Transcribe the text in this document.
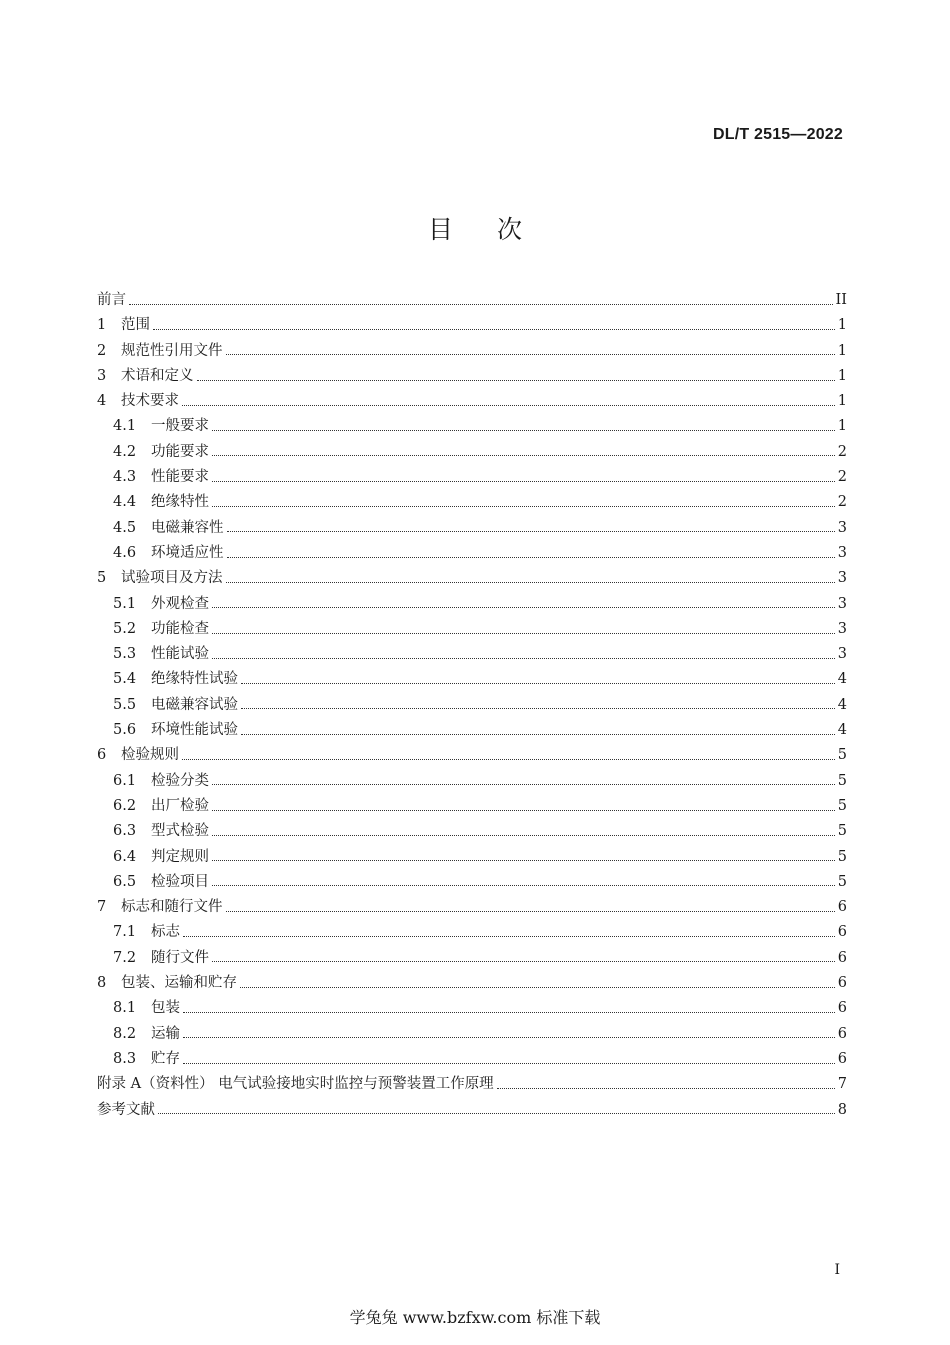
DL/T 2515—2022
目次
前言	II
1	范围	1
2	规范性引用文件	1
3	术语和定义	1
4	技术要求	1
4.1	一般要求	1
4.2	功能要求	2
4.3	性能要求	2
4.4	绝缘特性	2
4.5	电磁兼容性	3
4.6	环境适应性	3
5	试验项目及方法	3
5.1	外观检查	3
5.2	功能检查	3
5.3	性能试验	3
5.4	绝缘特性试验	4
5.5	电磁兼容试验	4
5.6	环境性能试验	4
6	检验规则	5
6.1	检验分类	5
6.2	出厂检验	5
6.3	型式检验	5
6.4	判定规则	5
6.5	检验项目	5
7	标志和随行文件	6
7.1	标志	6
7.2	随行文件	6
8	包装、运输和贮存	6
8.1	包装	6
8.2	运输	6
8.3	贮存	6
附录 A（资料性） 电气试验接地实时监控与预警装置工作原理	7
参考文献	8
I
学兔兔 www.bzfxw.com 标准下载
